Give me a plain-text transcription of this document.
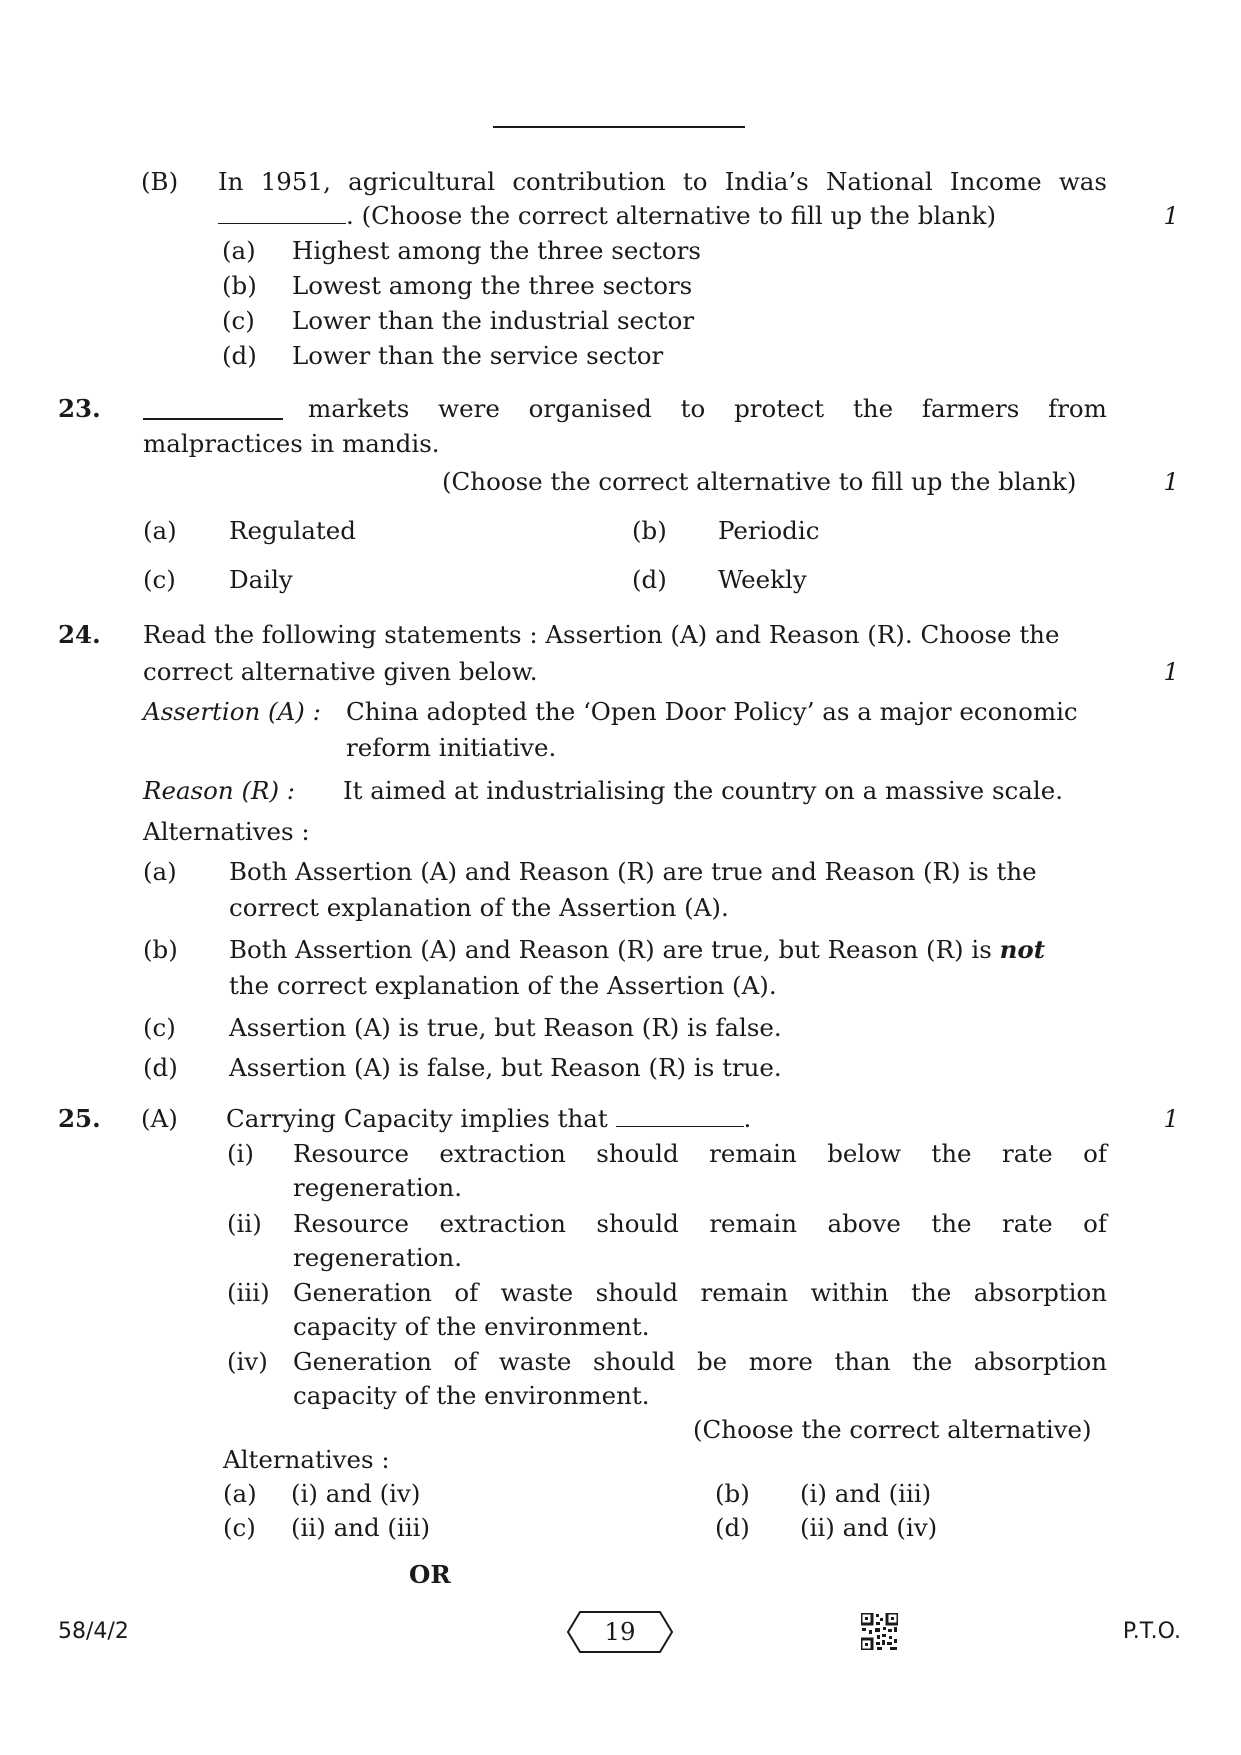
(B) In 1951, agricultural contribution to India’s National Income was
. (Choose the correct alternative to fill up the blank)	1
(a) Highest among the three sectors
(b) Lowest among the three sectors
(c) Lower than the industrial sector
(d) Lower than the service sector
23.	markets were organised to protect the farmers from
malpractices in mandis.
(Choose the correct alternative to fill up the blank)	1
(a) Regulated	(b) Periodic
(c) Daily	(d) Weekly
24. Read the following statements : Assertion (A) and Reason (R). Choose the
correct alternative given below.	1
Assertion (A) : China adopted the ‘Open Door Policy’ as a major economic
reform initiative.
Reason (R) : It aimed at industrialising the country on a massive scale.
Alternatives :
(a) Both Assertion (A) and Reason (R) are true and Reason (R) is the
correct explanation of the Assertion (A).
(b) Both Assertion (A) and Reason (R) are true, but Reason (R) is not
the correct explanation of the Assertion (A).
(c) Assertion (A) is true, but Reason (R) is false.
(d) Assertion (A) is false, but Reason (R) is true.
25. (A) Carrying Capacity implies that	.	1
(i) Resource extraction should remain below the rate of
regeneration.
(ii) Resource extraction should remain above the rate of
regeneration.
(iii) Generation of waste should remain within the absorption
capacity of the environment.
(iv) Generation of waste should be more than the absorption
capacity of the environment.
(Choose the correct alternative)
Alternatives :
(a) (i) and (iv)	(b) (i) and (iii)
(c) (ii) and (iii)	(d) (ii) and (iv)
OR
58/4/2	19	P.T.O.
